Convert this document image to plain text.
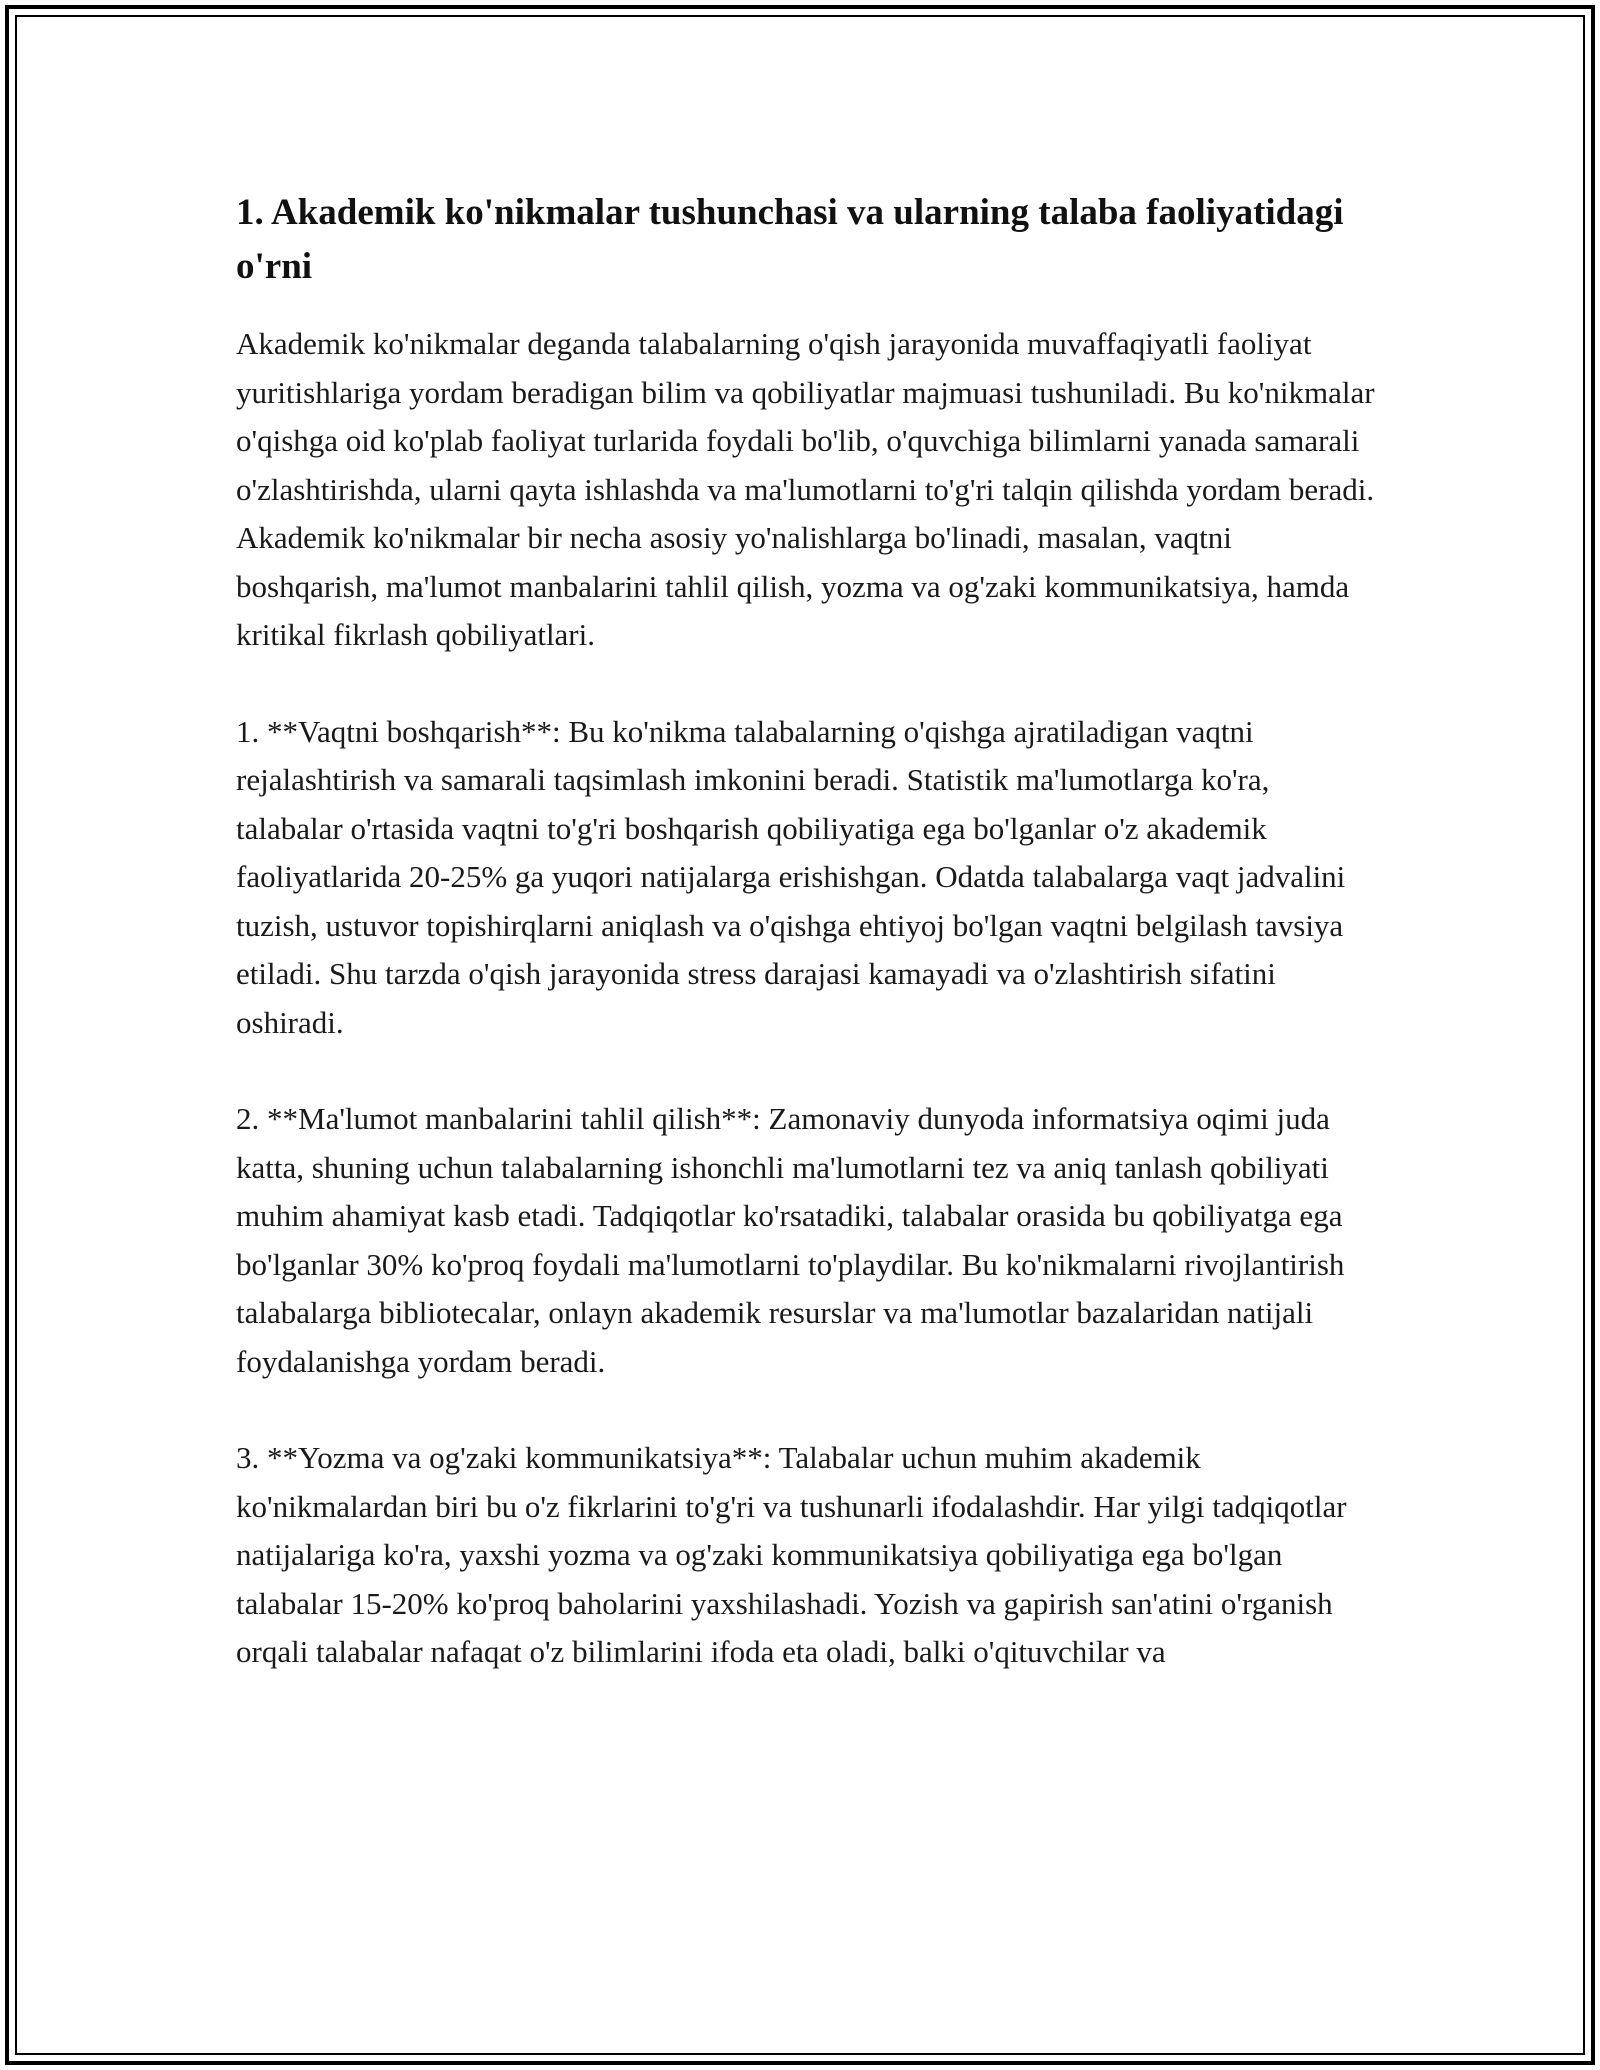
1. Akademik ko'nikmalar tushunchasi va ularning talaba faoliyatidagi o'rni

Akademik ko'nikmalar deganda talabalarning o'qish jarayonida muvaffaqiyatli faoliyat yuritishlariga yordam beradigan bilim va qobiliyatlar majmuasi tushuniladi. Bu ko'nikmalar o'qishga oid ko'plab faoliyat turlarida foydali bo'lib, o'quvchiga bilimlarni yanada samarali o'zlashtirishda, ularni qayta ishlashda va ma'lumotlarni to'g'ri talqin qilishda yordam beradi. Akademik ko'nikmalar bir necha asosiy yo'nalishlarga bo'linadi, masalan, vaqtni boshqarish, ma'lumot manbalarini tahlil qilish, yozma va og'zaki kommunikatsiya, hamda kritikal fikrlash qobiliyatlari.

1. **Vaqtni boshqarish**: Bu ko'nikma talabalarning o'qishga ajratiladigan vaqtni rejalashtirish va samarali taqsimlash imkonini beradi. Statistik ma'lumotlarga ko'ra, talabalar o'rtasida vaqtni to'g'ri boshqarish qobiliyatiga ega bo'lganlar o'z akademik faoliyatlarida 20-25% ga yuqori natijalarga erishishgan. Odatda talabalarga vaqt jadvalini tuzish, ustuvor topishirqlarni aniqlash va o'qishga ehtiyoj bo'lgan vaqtni belgilash tavsiya etiladi. Shu tarzda o'qish jarayonida stress darajasi kamayadi va o'zlashtirish sifatini oshiradi.

2. **Ma'lumot manbalarini tahlil qilish**: Zamonaviy dunyoda informatsiya oqimi juda katta, shuning uchun talabalarning ishonchli ma'lumotlarni tez va aniq tanlash qobiliyati muhim ahamiyat kasb etadi. Tadqiqotlar ko'rsatadiki, talabalar orasida bu qobiliyatga ega bo'lganlar 30% ko'proq foydali ma'lumotlarni to'playdilar. Bu ko'nikmalarni rivojlantirish talabalarga bibliotecalar, onlayn akademik resurslar va ma'lumotlar bazalaridan natijali foydalanishga yordam beradi.

3. **Yozma va og'zaki kommunikatsiya**: Talabalar uchun muhim akademik ko'nikmalardan biri bu o'z fikrlarini to'g'ri va tushunarli ifodalashdir. Har yilgi tadqiqotlar natijalariga ko'ra, yaxshi yozma va og'zaki kommunikatsiya qobiliyatiga ega bo'lgan talabalar 15-20% ko'proq baholarini yaxshilashadi. Yozish va gapirish san'atini o'rganish orqali talabalar nafaqat o'z bilimlarini ifoda eta oladi, balki o'qituvchilar va
